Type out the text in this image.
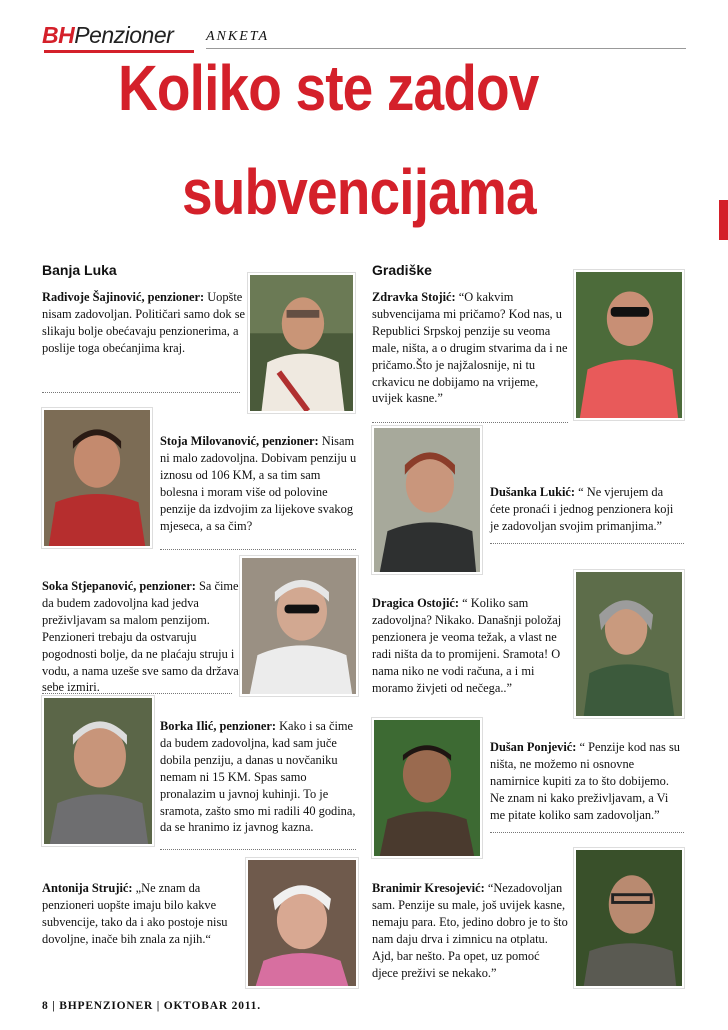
BH Penzioner ANKETA
Koliko ste zadov
subvencijama
Banja Luka	Gradiške
Radivoje Šajinović, penzioner: Uopšte nisam zadovoljan. Političari samo dok se slikaju bolje obećavaju penzionerima, a poslije toga obećanjima kraj.
Stoja Milovanović, penzioner: Nisam ni malo zadovoljna. Dobivam penziju u iznosu od 106 KM, a sa tim sam bolesna i moram više od polovine penzije da izdvojim za lijekove svakog mjeseca, a sa čim?
Soka Stjepanović, penzioner: Sa čime da budem zadovoljna kad jedva preživljavam sa malom penzijom. Penzioneri trebaju da ostvaruju pogodnosti bolje, da ne plaćaju struju i vodu, a nama uzeše sve samo da država sebe izmiri.
Borka Ilić, penzioner: Kako i sa čime da budem zadovoljna, kad sam juče dobila penziju, a danas u novčaniku nemam ni 15 KM. Spas samo pronalazim u javnoj kuhinji. To je sramota, zašto smo mi radili 40 godina, da se hranimo iz javnog kazna.
Antonija Strujić: „Ne znam da penzioneri uopšte imaju bilo kakve subvencije, tako da i ako postoje nisu dovoljne, inače bih znala za njih.“
Zdravka Stojić: “O kakvim subvencijama mi pričamo? Kod nas, u Republici Srpskoj penzije su veoma male, ništa, a o drugim stvarima da i ne pričamo.Što je najžalosnije, ni tu crkavicu ne dobijamo na vrijeme, uvijek kasne.”
Dušanka Lukić: “ Ne vjerujem da ćete pronaći i jednog penzionera koji je zadovoljan svojim primanjima.”
Dragica Ostojić: “ Koliko sam zadovoljna? Nikako. Današnji položaj penzionera je veoma težak, a vlast ne radi ništa da to promijeni. Sramota! O nama niko ne vodi računa, a i mi moramo živjeti od nečega..”
Dušan Ponjević: “ Penzije kod nas su ništa, ne možemo ni osnovne namirnice kupiti za to što dobijemo. Ne znam ni kako preživljavam, a Vi me pitate koliko sam zadovoljan.”
Branimir Kresojević: “Nezadovoljan sam. Penzije su male, još uvijek kasne, nemaju para. Eto, jedino dobro je to što nam daju drva i zimnicu na otplatu. Ajd, bar nešto. Pa opet, uz pomoć djece preživi se nekako.”
8 | BHPENZIONER | OKTOBAR 2011.
